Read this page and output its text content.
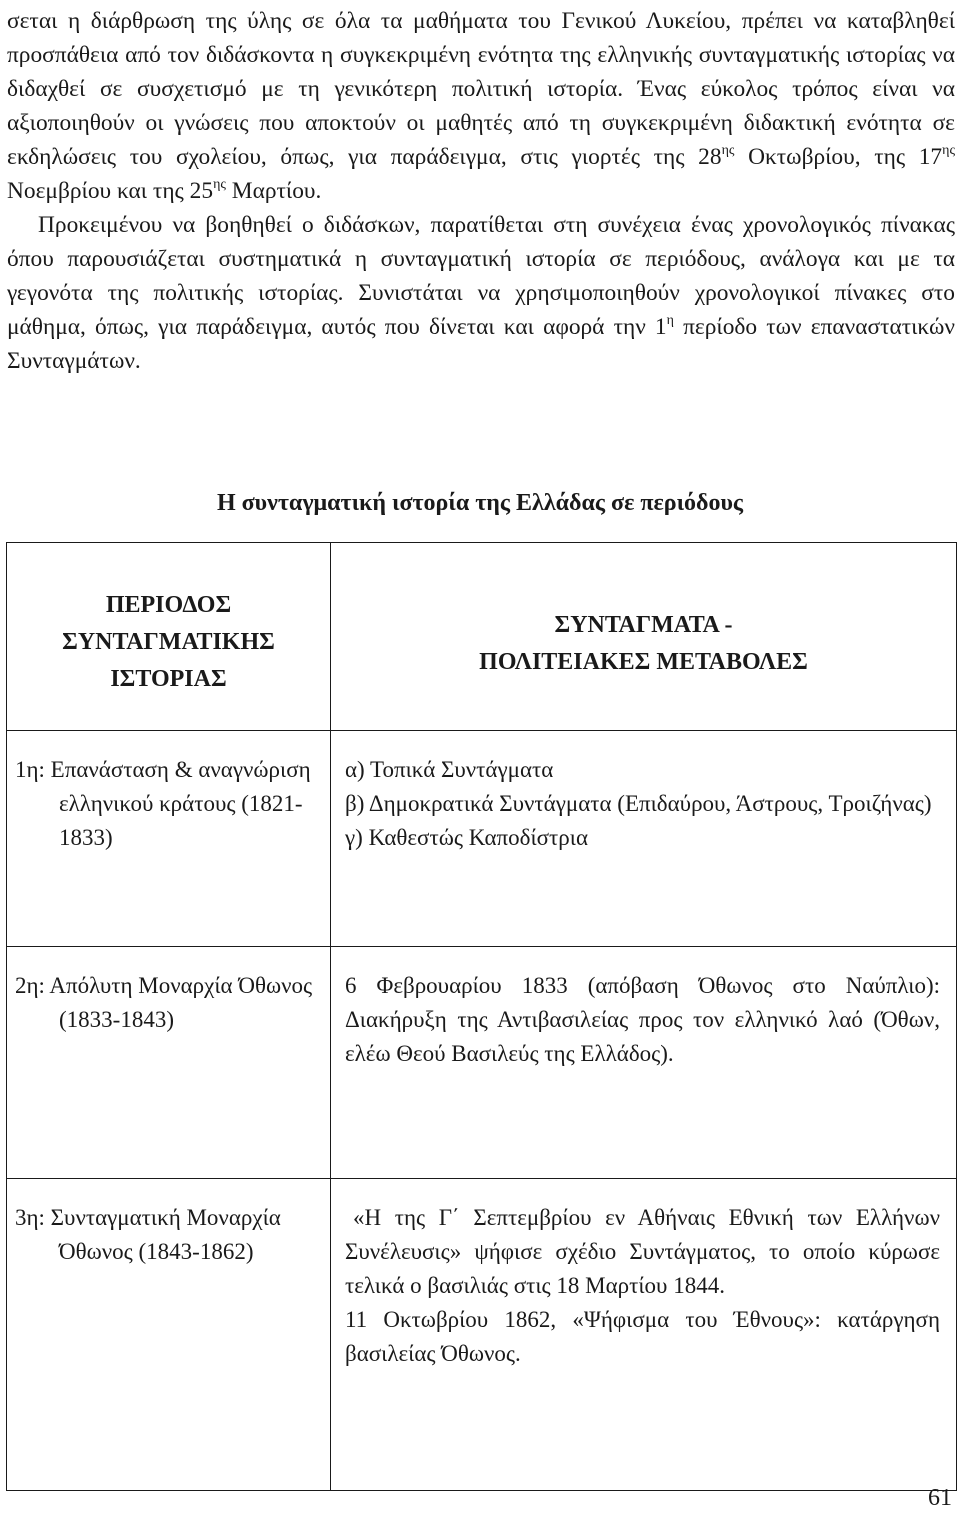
σεται η διάρθρωση της ύλης σε όλα τα μαθήματα του Γενικού Λυκείου, πρέπει να καταβληθεί προσπάθεια από τον διδάσκοντα η συγκεκριμένη ενότητα της ελληνικής συνταγματικής ιστορίας να διδαχθεί σε συσχετισμό με τη γενικότερη πολιτική ιστορία. Ένας εύκολος τρόπος είναι να αξιοποιηθούν οι γνώσεις που αποκτούν οι μαθητές από τη συγκεκριμένη διδακτική ενότητα σε εκδηλώσεις του σχολείου, όπως, για παράδειγμα, στις γιορτές της $28^{\eta\varsigma}$ Οκτωβρίου, της $17^{\eta\varsigma}$ Νοεμβρίου και της $25^{\eta\varsigma}$ Μαρτίου.

Προκειμένου να βοηθηθεί ο διδάσκων, παρατίθεται στη συνέχεια ένας χρονολογικός πίνακας όπου παρουσιάζεται συστηματικά η συνταγματική ιστορία σε περιόδους, ανάλογα και με τα γεγονότα της πολιτικής ιστορίας. Συνιστάται να χρησιμοποιηθούν χρονολογικοί πίνακες στο μάθημα, όπως, για παράδειγμα, αυτός που δίνεται και αφορά την $1^\eta$ περίοδο των επαναστατικών Συνταγμάτων.

Η συνταγματική ιστορία της Ελλάδας σε περιόδους
ΠΕΡΙΟΔΟΣ
ΣΥΝΤΑΓΜΑΤΙΚΗΣ
ΙΣΤΟΡΙΑΣ	ΣΥΝΤΑΓΜΑΤΑ -
ΠΟΛΙΤΕΙΑΚΕΣ ΜΕΤΑΒΟΛΕΣ

1η: Επανάσταση & αναγνώριση ελληνικού κράτους (1821-1833)	α) Τοπικά Συντάγματα
β) Δημοκρατικά Συντάγματα (Επιδαύρου, Άστρους, Τροιζήνας)
γ) Καθεστώς Καποδίστρια

2η: Απόλυτη Μοναρχία Όθωνος (1833-1843)	6 Φεβρουαρίου 1833 (απόβαση Όθωνος στο Ναύπλιο): Διακήρυξη της Αντιβασιλείας προς τον ελληνικό λαό (Όθων, ελέω Θεού Βασιλεύς της Ελλάδος).

3η: Συνταγματική Μοναρχία Όθωνος (1843-1862)	«Η της Γ΄ Σεπτεμβρίου εν Αθήναις Εθνική των Ελλήνων Συνέλευσις» ψήφισε σχέδιο Συντάγματος, το οποίο κύρωσε τελικά ο βασιλιάς στις 18 Μαρτίου 1844.
11 Οκτωβρίου 1862, «Ψήφισμα του Έθνους»: κατάργηση βασιλείας Όθωνος.
61
